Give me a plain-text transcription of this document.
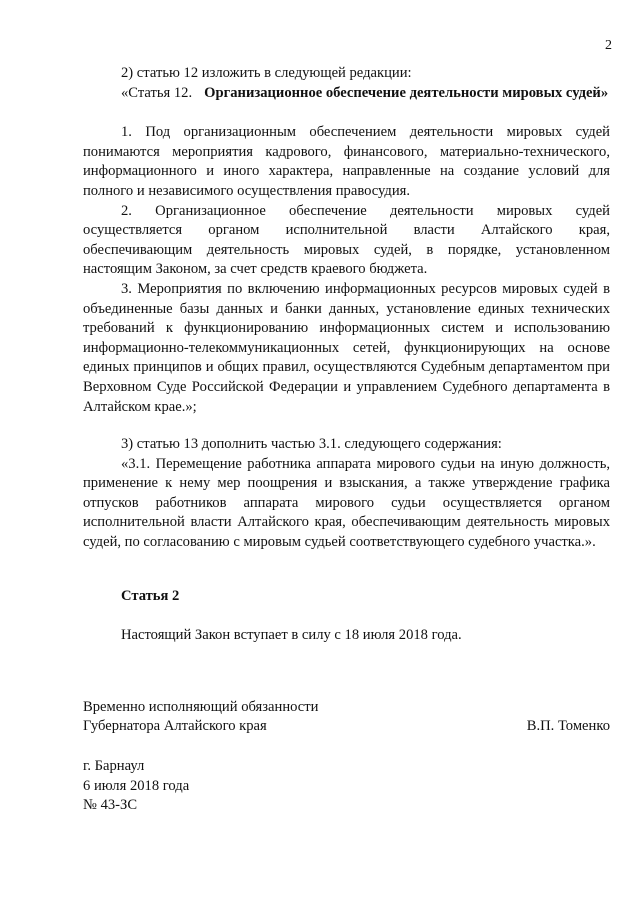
2

2) статью 12 изложить в следующей редакции:

«Статья 12. Организационное обеспечение деятельности мировых судей»

1. Под организационным обеспечением деятельности мировых судей понимаются мероприятия кадрового, финансового, материально-технического, информационного и иного характера, направленные на создание условий для полного и независимого осуществления правосудия.

2. Организационное обеспечение деятельности мировых судей осуществляется органом исполнительной власти Алтайского края, обеспечивающим деятельность мировых судей, в порядке, установленном настоящим Законом, за счет средств краевого бюджета.

3. Мероприятия по включению информационных ресурсов мировых судей в объединенные базы данных и банки данных, установление единых технических требований к функционированию информационных систем и использованию информационно-телекоммуникационных сетей, функционирующих на основе единых принципов и общих правил, осуществляются Судебным департаментом при Верховном Суде Российской Федерации и управлением Судебного департамента в Алтайском крае.»;

3) статью 13 дополнить частью 3.1. следующего содержания:

«3.1. Перемещение работника аппарата мирового судьи на иную должность, применение к нему мер поощрения и взыскания, а также утверждение графика отпусков работников аппарата мирового судьи осуществляется органом исполнительной власти Алтайского края, обеспечивающим деятельность мировых судей, по согласованию с мировым судьей соответствующего судебного участка.».

Статья 2

Настоящий Закон вступает в силу с 18 июля 2018 года.

Временно исполняющий обязанности

Губернатора Алтайского края	В.П. Томенко

г. Барнаул

6 июля 2018 года

№ 43-ЗС
